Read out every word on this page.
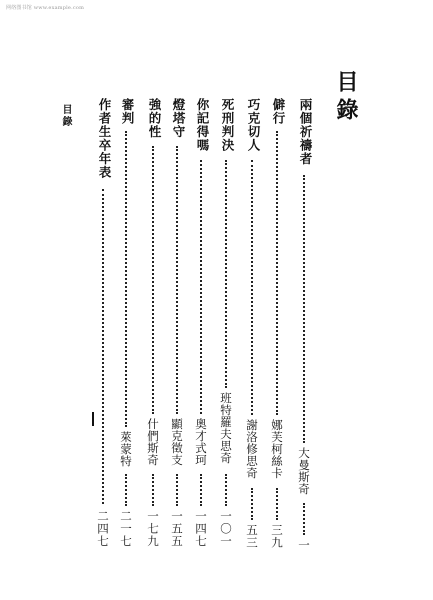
网络图书馆 www.example.com
目錄
目錄	兩個祈禱者
一
大曼斯奇
僻行
三九
娜芙柯絲卡
巧克切人
五三
謝洛修思奇
死刑判決
一〇一
班特羅夫思奇
你記得嗎
一四七
奧才式珂
燈塔守
一五五
顯克徵支
強的性
一七九
什們斯奇
審判
二一七
萊蒙特
作者生卒年表
二四七
